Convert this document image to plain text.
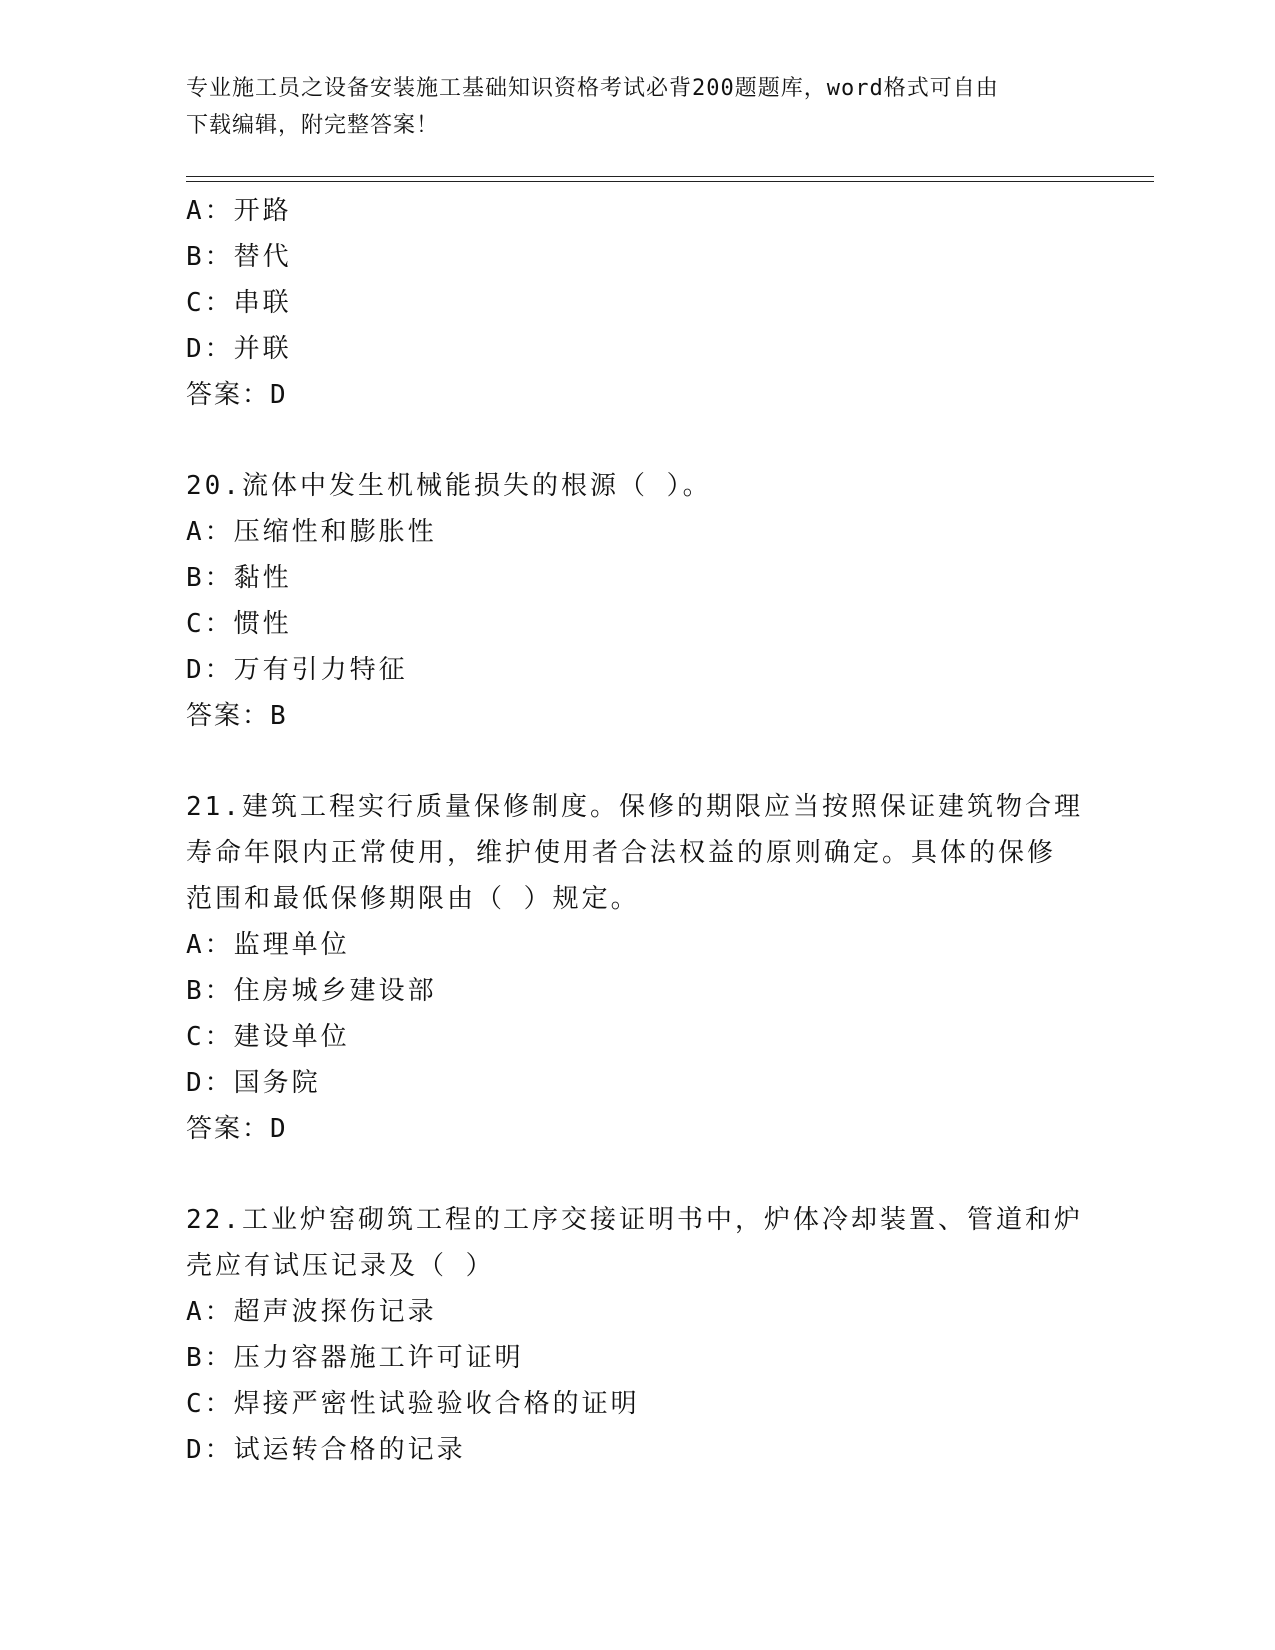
专业施工员之设备安装施工基础知识资格考试必背200题题库，word格式可自由
下载编辑，附完整答案！
A：开路
B：替代
C：串联
D：并联
答案：D
20.流体中发生机械能损失的根源（ ）。
A：压缩性和膨胀性
B：黏性
C：惯性
D：万有引力特征
答案：B
21.建筑工程实行质量保修制度。保修的期限应当按照保证建筑物合理
寿命年限内正常使用，维护使用者合法权益的原则确定。具体的保修
范围和最低保修期限由（ ）规定。
A：监理单位
B：住房城乡建设部
C：建设单位
D：国务院
答案：D
22.工业炉窑砌筑工程的工序交接证明书中，炉体冷却装置、管道和炉
壳应有试压记录及（ ）
A：超声波探伤记录
B：压力容器施工许可证明
C：焊接严密性试验验收合格的证明
D：试运转合格的记录
